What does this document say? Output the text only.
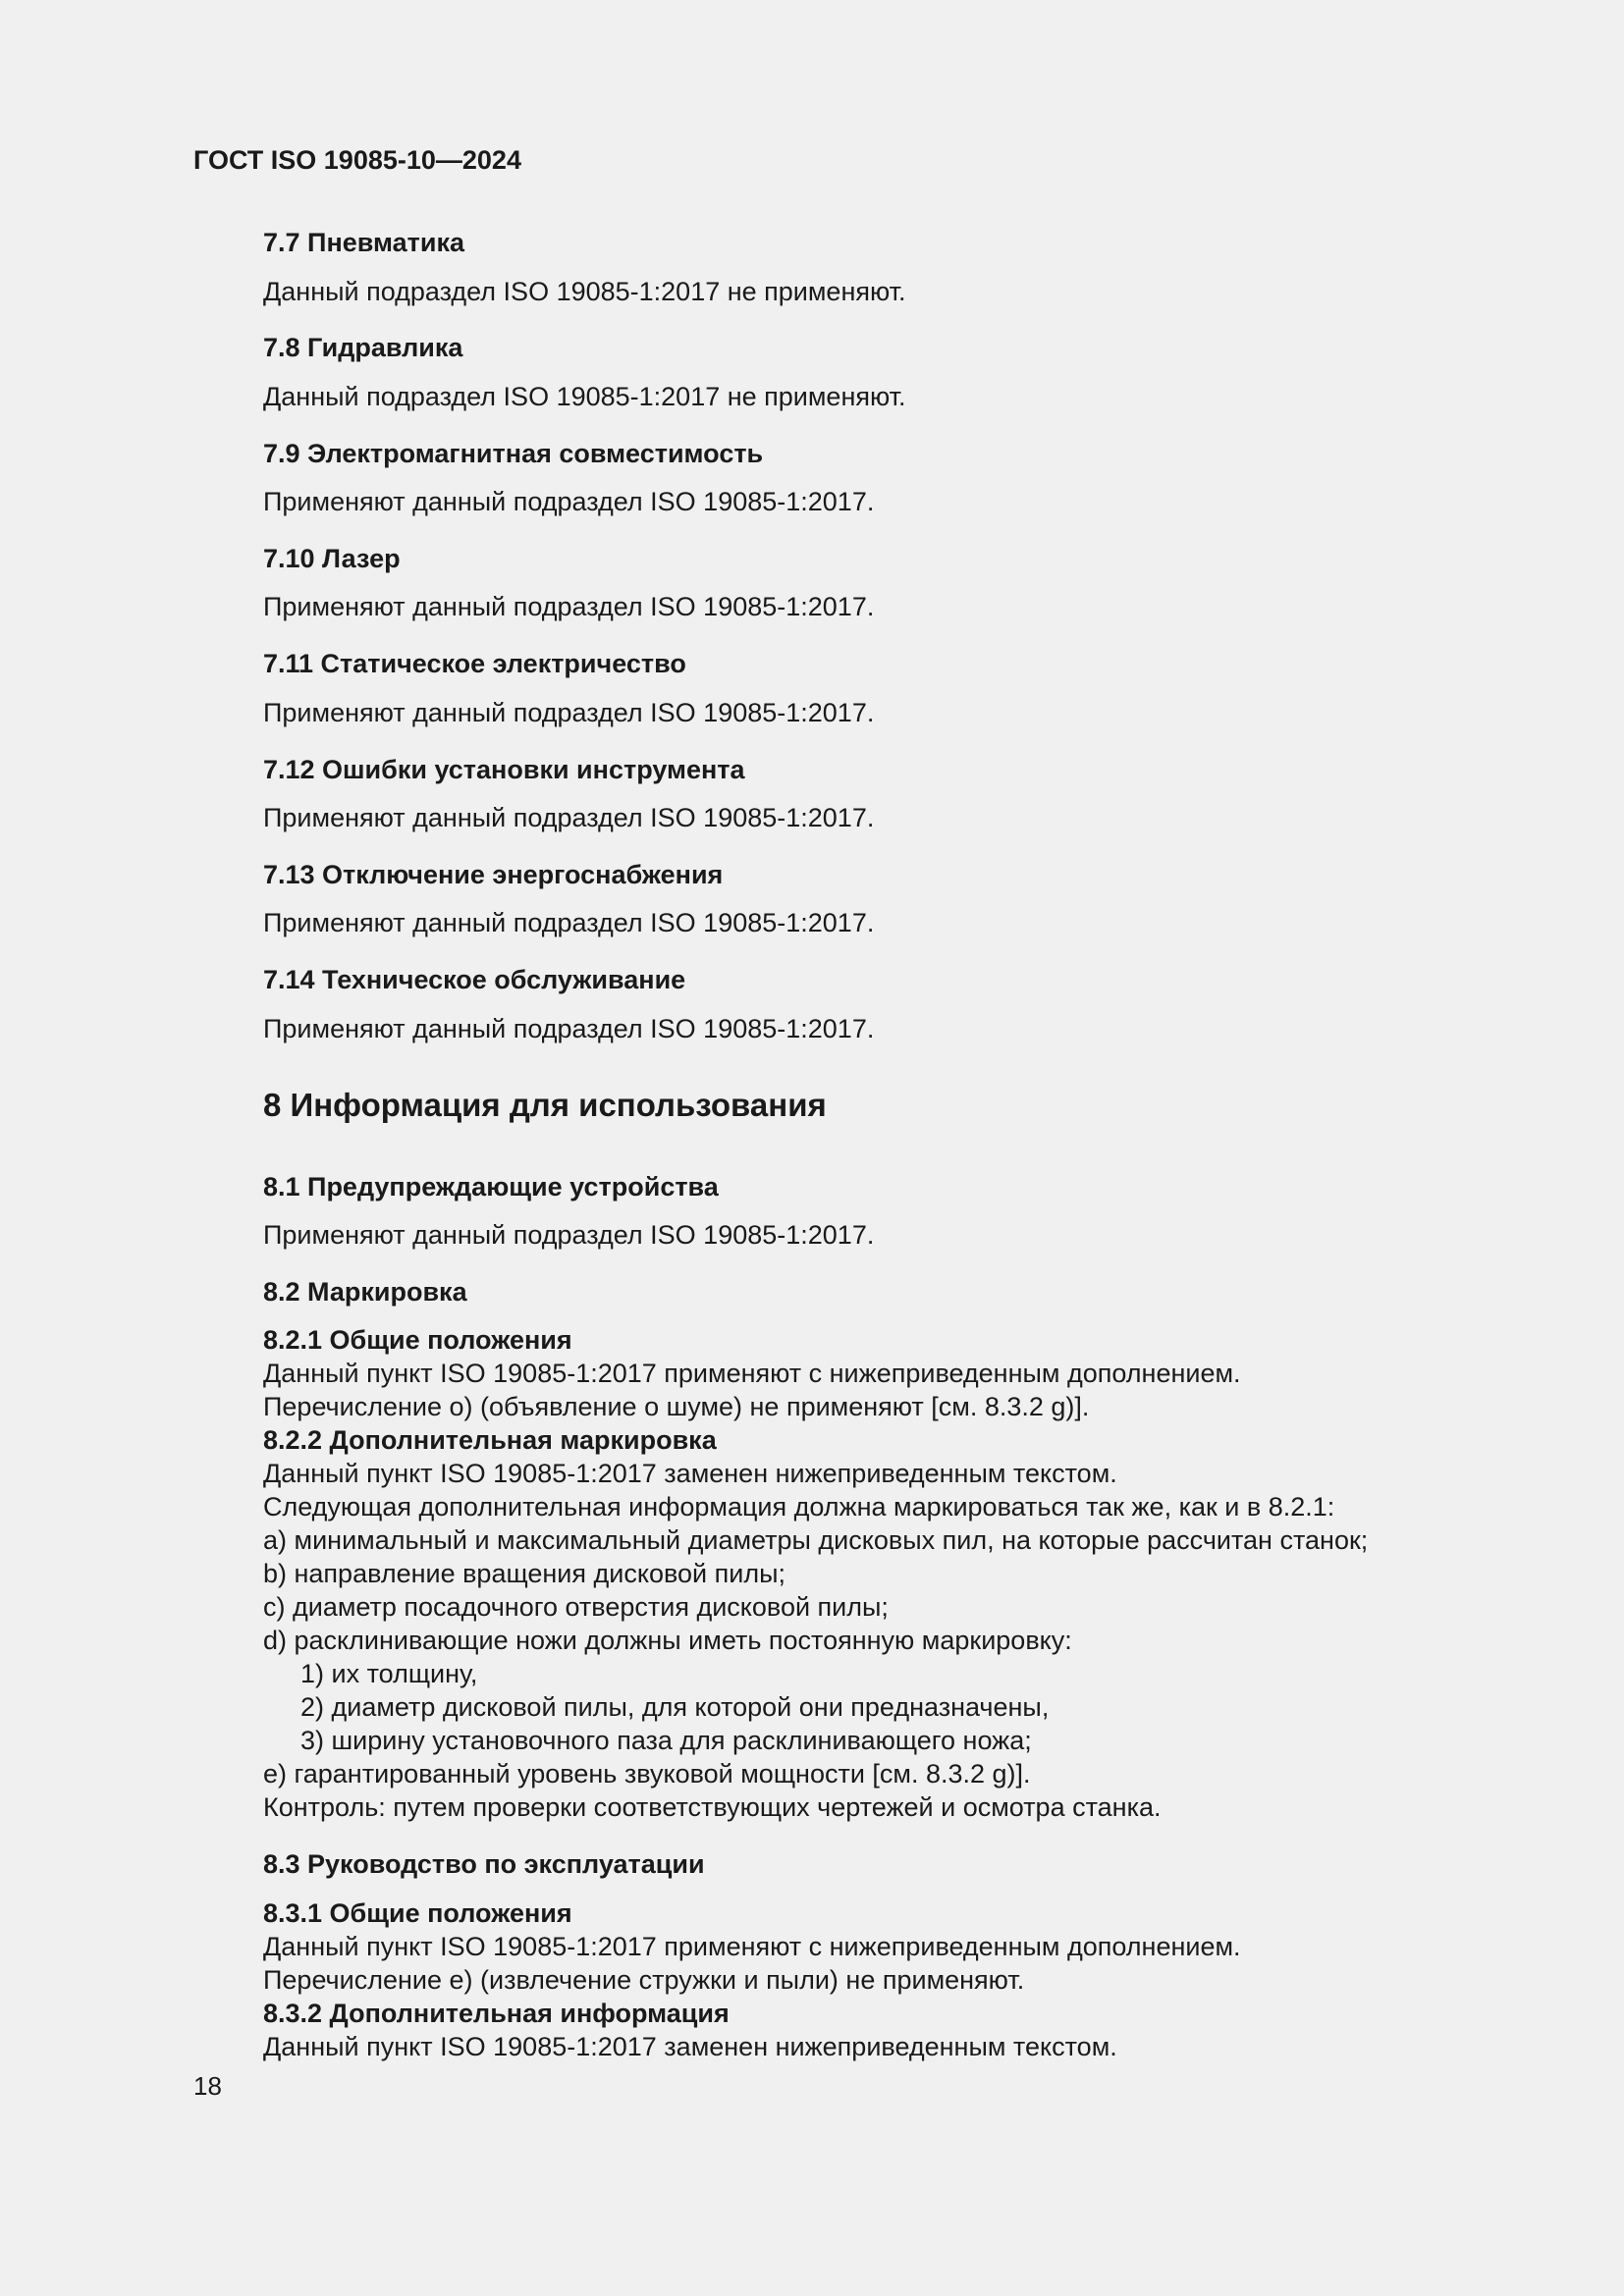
ГОСТ ISO 19085-10—2024
7.7 Пневматика
Данный подраздел ISO 19085-1:2017 не применяют.
7.8 Гидравлика
Данный подраздел ISO 19085-1:2017 не применяют.
7.9 Электромагнитная совместимость
Применяют данный подраздел ISO 19085-1:2017.
7.10 Лазер
Применяют данный подраздел ISO 19085-1:2017.
7.11 Статическое электричество
Применяют данный подраздел ISO 19085-1:2017.
7.12 Ошибки установки инструмента
Применяют данный подраздел ISO 19085-1:2017.
7.13 Отключение энергоснабжения
Применяют данный подраздел ISO 19085-1:2017.
7.14 Техническое обслуживание
Применяют данный подраздел ISO 19085-1:2017.
8 Информация для использования
8.1 Предупреждающие устройства
Применяют данный подраздел ISO 19085-1:2017.
8.2 Маркировка
8.2.1 Общие положения
Данный пункт ISO 19085-1:2017 применяют с нижеприведенным дополнением.
Перечисление о) (объявление о шуме) не применяют [см. 8.3.2 g)].
8.2.2 Дополнительная маркировка
Данный пункт ISO 19085-1:2017 заменен нижеприведенным текстом.
Следующая дополнительная информация должна маркироваться так же, как и в 8.2.1:
a) минимальный и максимальный диаметры дисковых пил, на которые рассчитан станок;
b) направление вращения дисковой пилы;
c) диаметр посадочного отверстия дисковой пилы;
d) расклинивающие ножи должны иметь постоянную маркировку:
1) их толщину,
2) диаметр дисковой пилы, для которой они предназначены,
3) ширину установочного паза для расклинивающего ножа;
e) гарантированный уровень звуковой мощности [см. 8.3.2 g)].
Контроль: путем проверки соответствующих чертежей и осмотра станка.
8.3 Руководство по эксплуатации
8.3.1 Общие положения
Данный пункт ISO 19085-1:2017 применяют с нижеприведенным дополнением.
Перечисление е) (извлечение стружки и пыли) не применяют.
8.3.2 Дополнительная информация
Данный пункт ISO 19085-1:2017 заменен нижеприведенным текстом.
18
